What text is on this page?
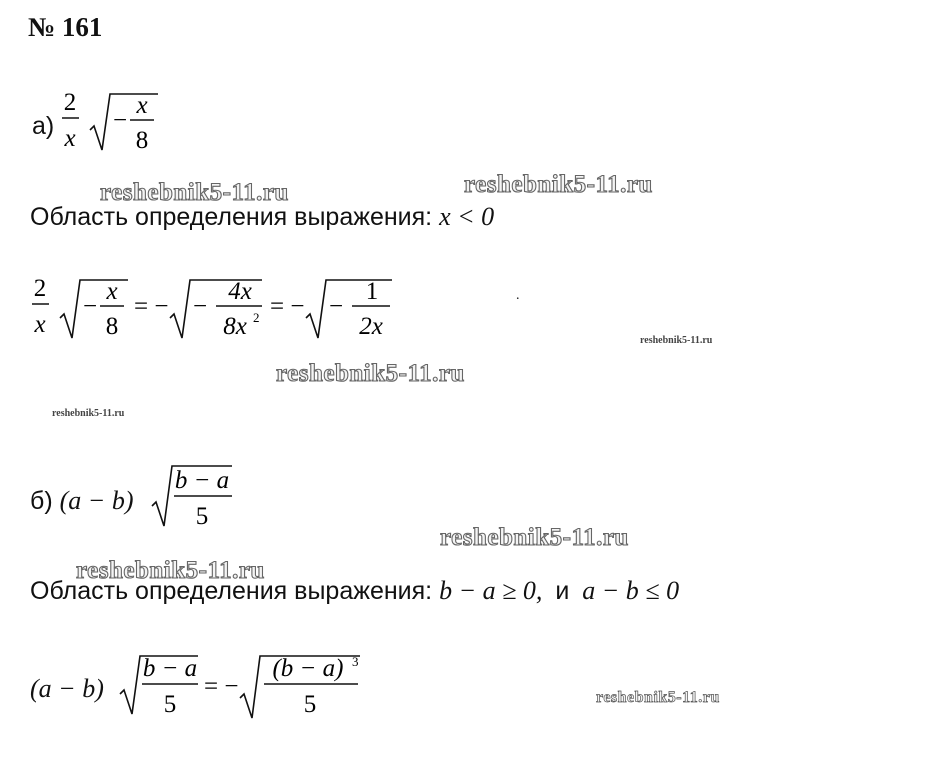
№ 161
а)
2
x
−
x
8
Область определения выражения: x < 0
2
x
−
x
8
= − −
4x
8x 2 = − −
1
2x
.
б) (a − b)
b − a
5
Область определения выражения: b − a ≥ 0, и a − b ≤ 0
(a − b)
b − a
5
= −
(b − a) 3
5
reshebnik5-11.ru	reshebnik5-11.ru
reshebnik5-11.ru
reshebnik5-11.ru
reshebnik5-11.ru
reshebnik5-11.ru
reshebnik5-11.ru
reshebnik5-11.ru
